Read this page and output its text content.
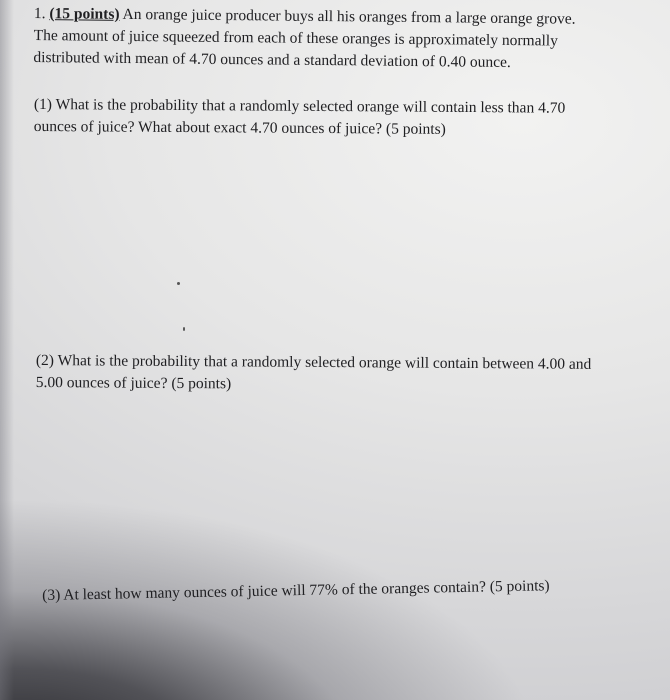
1. (15 points) An orange juice producer buys all his oranges from a large orange grove.
The amount of juice squeezed from each of these oranges is approximately normally
distributed with mean of 4.70 ounces and a standard deviation of 0.40 ounce.
(1) What is the probability that a randomly selected orange will contain less than 4.70
ounces of juice? What about exact 4.70 ounces of juice? (5 points)
(2) What is the probability that a randomly selected orange will contain between 4.00 and
5.00 ounces of juice? (5 points)
(3) At least how many ounces of juice will 77% of the oranges contain? (5 points)
